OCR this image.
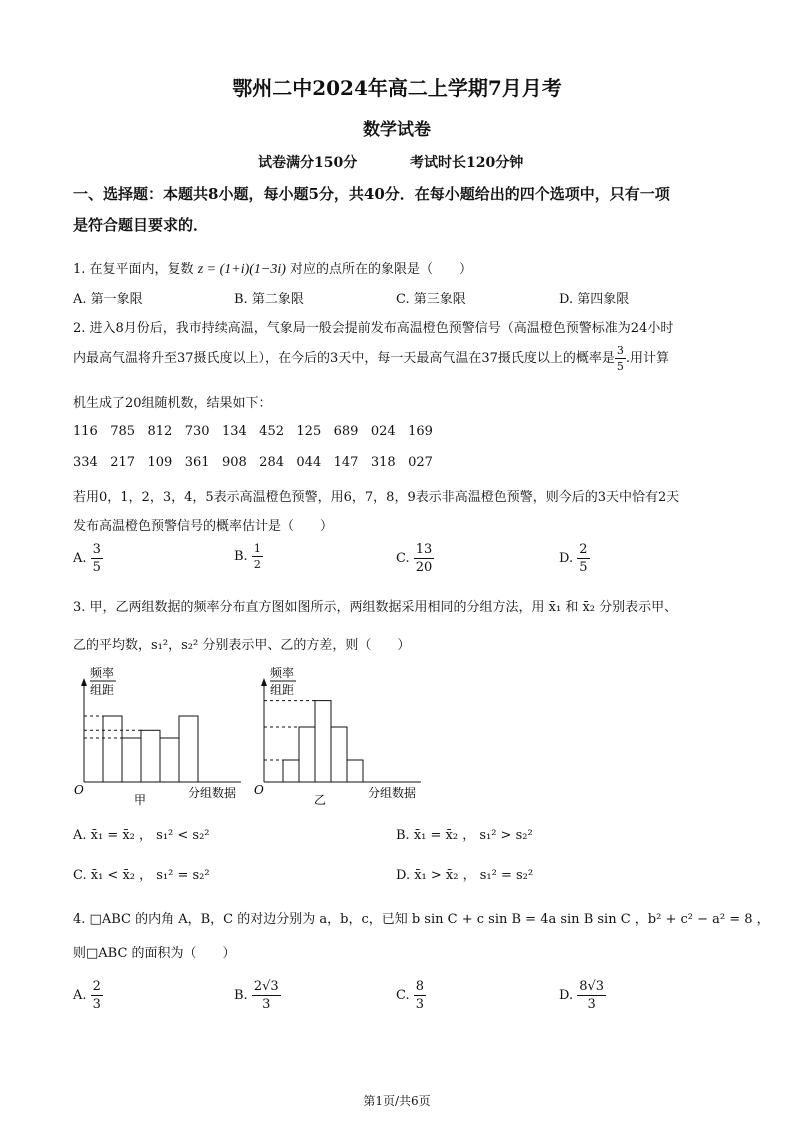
鄂州二中2024年高二上学期7月月考
数学试卷
试卷满分150分	考试时长120分钟
一、选择题：本题共8小题，每小题5分，共40分．在每小题给出的四个选项中，只有一项
是符合题目要求的．
1. 在复平面内，复数 z = (1+i)(1−3i) 对应的点所在的象限是（　　）
A. 第一象限	B. 第二象限	C. 第三象限	D. 第四象限
2. 进入8月份后，我市持续高温，气象局一般会提前发布高温橙色预警信号（高温橙色预警标准为24小时
内最高气温将升至37摄氏度以上），在今后的3天中，每一天最高气温在37摄氏度以上的概率是 $\frac{3}{5}$ .用计算
机生成了20组随机数，结果如下：
116 785 812 730 134 452 125 689 024 169
334 217 109 361 908 284 044 147 318 027
若用0，1，2，3，4，5表示高温橙色预警，用6，7，8，9表示非高温橙色预警，则今后的3天中恰有2天
发布高温橙色预警信号的概率估计是（　　）
A. $\frac{3}{5}$	B. $\frac{1}{2}$	C. $\frac{13}{20}$	D. $\frac{2}{5}$
3. 甲，乙两组数据的频率分布直方图如图所示，两组数据采用相同的分组方法，用 x̄₁ 和 x̄₂ 分别表示甲、
乙的平均数，s₁²，s₂² 分别表示甲、乙的方差，则（　　）
频率
组距
O
甲	分组数据
频率
组距
O
乙	分组数据
A. x̄₁ = x̄₂ ， s₁² < s₂²	B. x̄₁ = x̄₂ ， s₁² > s₂²
C. x̄₁ < x̄₂ ， s₁² = s₂²	D. x̄₁ > x̄₂ ， s₁² = s₂²
4. □ABC 的内角 A，B，C 的对边分别为 a，b，c，已知 b sin C + c sin B = 4a sin B sin C ，b² + c² − a² = 8 ，
则□ABC 的面积为（　　）
A. $\frac{2}{3}$	B. $\frac{2√3}{3}$	C. $\frac{8}{3}$	D. $\frac{8√3}{3}$
第1页/共6页
